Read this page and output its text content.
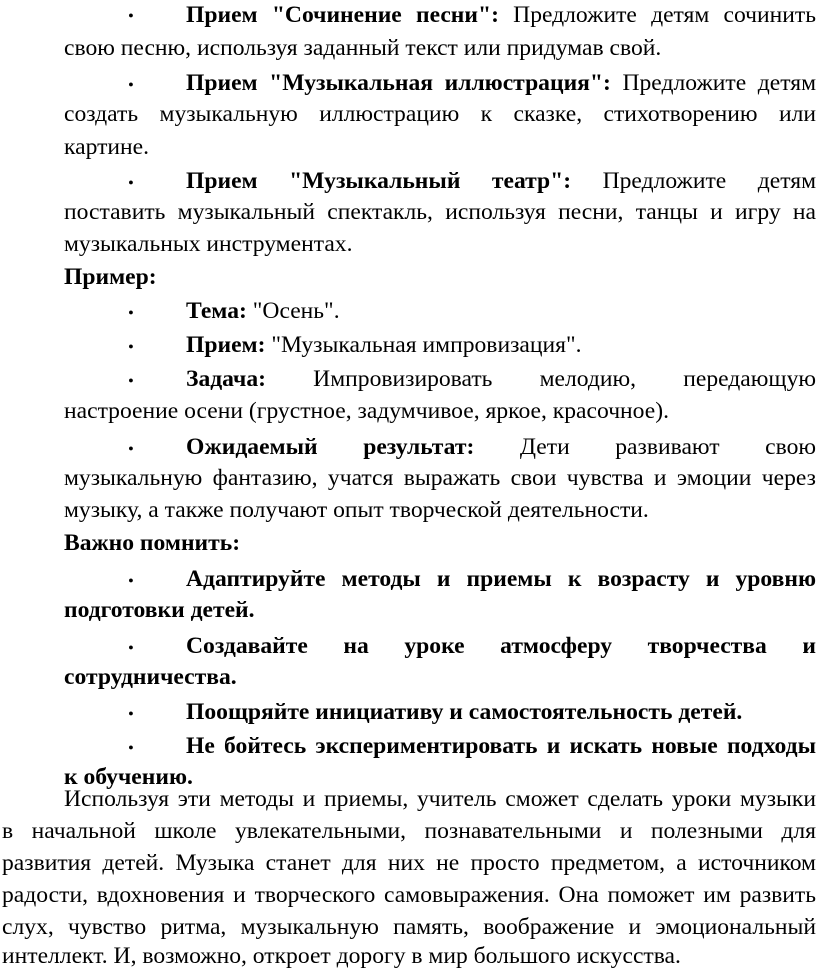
●
Прием "Сочинение песни": Предложите детям сочинить
свою песню, используя заданный текст или придумав свой.
●
Прием "Музыкальная иллюстрация": Предложите детям
создать музыкальную иллюстрацию к сказке, стихотворению или
картине.
●
Прием "Музыкальный театр": Предложите детям
поставить музыкальный спектакль, используя песни, танцы и игру на
музыкальных инструментах.
Пример:
●
Тема: "Осень".
●
Прием: "Музыкальная импровизация".
●
Задача: Импровизировать мелодию, передающую
настроение осени (грустное, задумчивое, яркое, красочное).
●
Ожидаемый результат: Дети развивают свою
музыкальную фантазию, учатся выражать свои чувства и эмоции через
музыку, а также получают опыт творческой деятельности.
Важно помнить:
●
Адаптируйте методы и приемы к возрасту и уровню
подготовки детей.
●
Создавайте на уроке атмосферу творчества и
сотрудничества.
●
Поощряйте инициативу и самостоятельность детей.
●
Не бойтесь экспериментировать и искать новые подходы
к обучению.
Используя эти методы и приемы, учитель сможет сделать уроки музыки
в начальной школе увлекательными, познавательными и полезными для
развития детей. Музыка станет для них не просто предметом, а источником
радости, вдохновения и творческого самовыражения. Она поможет им развить
слух, чувство ритма, музыкальную память, воображение и эмоциональный
интеллект. И, возможно, откроет дорогу в мир большого искусства.
